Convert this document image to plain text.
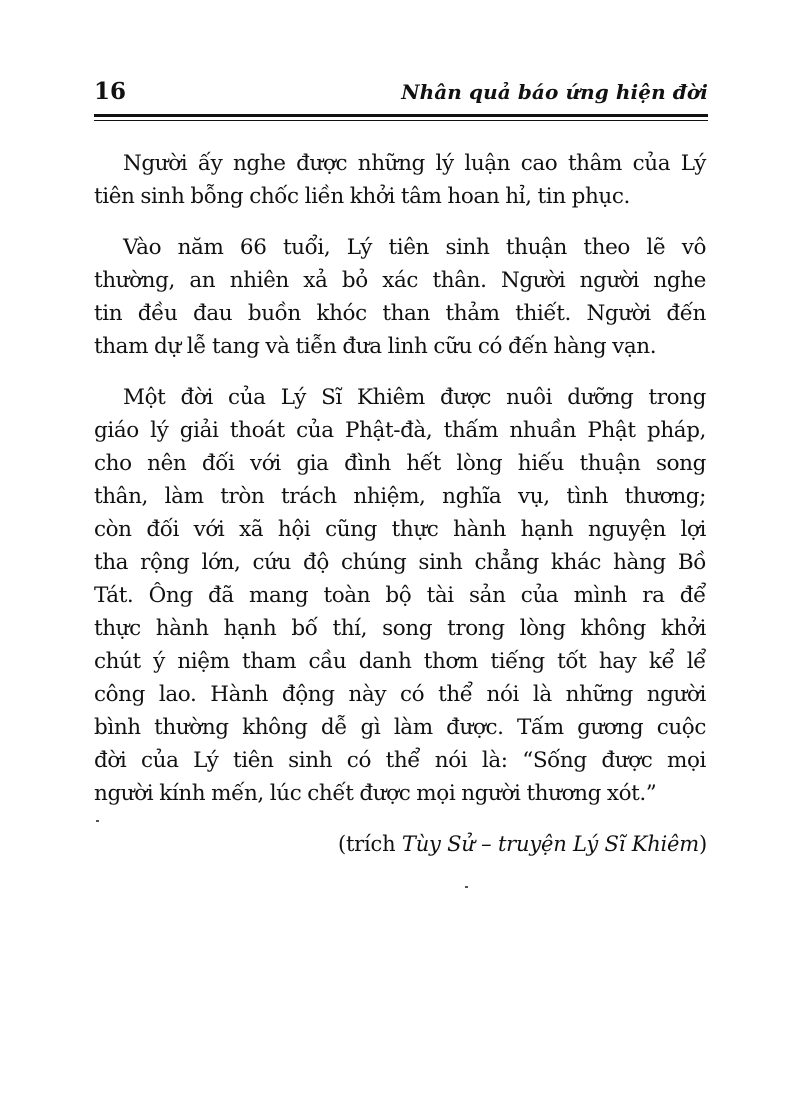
16	Nhân quả báo ứng hiện đời

Người ấy nghe được những lý luận cao thâm của Lý
tiên sinh bỗng chốc liền khởi tâm hoan hỉ, tin phục.

Vào năm 66 tuổi, Lý tiên sinh thuận theo lẽ vô
thường, an nhiên xả bỏ xác thân. Người người nghe
tin đều đau buồn khóc than thảm thiết. Người đến
tham dự lễ tang và tiễn đưa linh cữu có đến hàng vạn.

Một đời của Lý Sĩ Khiêm được nuôi dưỡng trong
giáo lý giải thoát của Phật-đà, thấm nhuần Phật pháp,
cho nên đối với gia đình hết lòng hiếu thuận song
thân, làm tròn trách nhiệm, nghĩa vụ, tình thương;
còn đối với xã hội cũng thực hành hạnh nguyện lợi
tha rộng lớn, cứu độ chúng sinh chẳng khác hàng Bồ
Tát. Ông đã mang toàn bộ tài sản của mình ra để
thực hành hạnh bố thí, song trong lòng không khởi
chút ý niệm tham cầu danh thơm tiếng tốt hay kể lể
công lao. Hành động này có thể nói là những người
bình thường không dễ gì làm được. Tấm gương cuộc
đời của Lý tiên sinh có thể nói là: “Sống được mọi
người kính mến, lúc chết được mọi người thương xót.”

(trích Tùy Sử – truyện Lý Sĩ Khiêm)
